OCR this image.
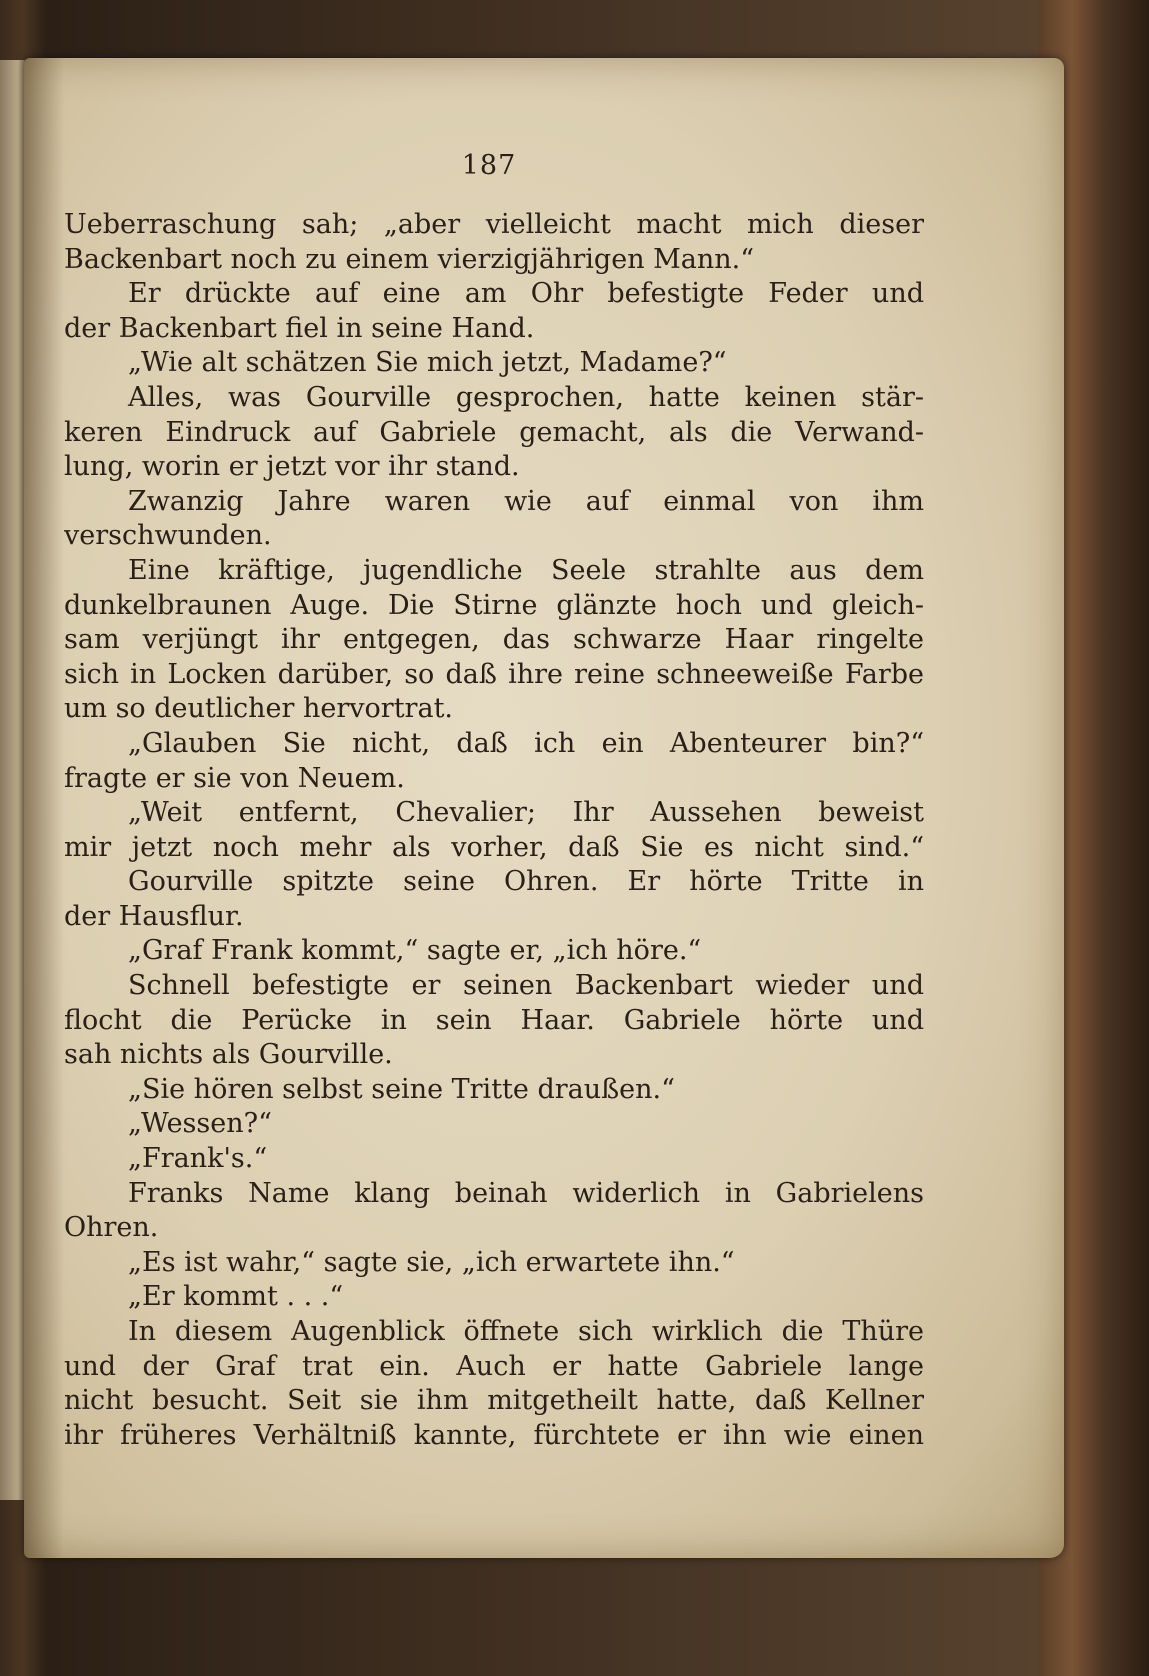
187
Ueberraschung sah; „aber vielleicht macht mich dieser
Backenbart noch zu einem vierzigjährigen Mann.“
Er drückte auf eine am Ohr befestigte Feder und
der Backenbart fiel in seine Hand.
„Wie alt schätzen Sie mich jetzt, Madame?“
Alles, was Gourville gesprochen, hatte keinen stär-
keren Eindruck auf Gabriele gemacht, als die Verwand-
lung, worin er jetzt vor ihr stand.
Zwanzig Jahre waren wie auf einmal von ihm
verschwunden.
Eine kräftige, jugendliche Seele strahlte aus dem
dunkelbraunen Auge. Die Stirne glänzte hoch und gleich-
sam verjüngt ihr entgegen, das schwarze Haar ringelte
sich in Locken darüber, so daß ihre reine schneeweiße Farbe
um so deutlicher hervortrat.
„Glauben Sie nicht, daß ich ein Abenteurer bin?“
fragte er sie von Neuem.
„Weit entfernt, Chevalier; Ihr Aussehen beweist
mir jetzt noch mehr als vorher, daß Sie es nicht sind.“
Gourville spitzte seine Ohren. Er hörte Tritte in
der Hausflur.
„Graf Frank kommt,“ sagte er, „ich höre.“
Schnell befestigte er seinen Backenbart wieder und
flocht die Perücke in sein Haar. Gabriele hörte und
sah nichts als Gourville.
„Sie hören selbst seine Tritte draußen.“
„Wessen?“
„Frank's.“
Franks Name klang beinah widerlich in Gabrielens
Ohren.
„Es ist wahr,“ sagte sie, „ich erwartete ihn.“
„Er kommt . . .“
In diesem Augenblick öffnete sich wirklich die Thüre
und der Graf trat ein. Auch er hatte Gabriele lange
nicht besucht. Seit sie ihm mitgetheilt hatte, daß Kellner
ihr früheres Verhältniß kannte, fürchtete er ihn wie einen
